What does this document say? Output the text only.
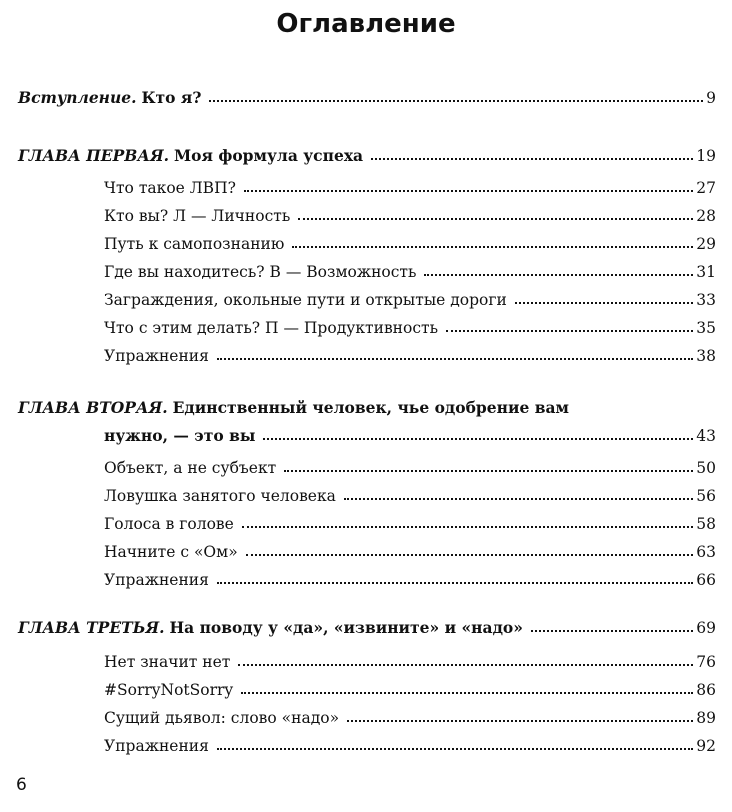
Оглавление
Вступление. Кто я?	9
ГЛАВА ПЕРВАЯ. Моя формула успеха	19
Что такое ЛВП?	27
Кто вы? Л — Личность	28
Путь к самопознанию	29
Где вы находитесь? В — Возможность	31
Заграждения, окольные пути и открытые дороги	33
Что с этим делать? П — Продуктивность	35
Упражнения	38
ГЛАВА ВТОРАЯ. Единственный человек, чье одобрение вам
нужно, — это вы	43
Объект, а не субъект	50
Ловушка занятого человека	56
Голоса в голове	58
Начните с «Ом»	63
Упражнения	66
ГЛАВА ТРЕТЬЯ. На поводу у «да», «извините» и «надо»	69
Нет значит нет	76
#SorryNotSorry	86
Сущий дьявол: слово «надо»	89
Упражнения	92
6
